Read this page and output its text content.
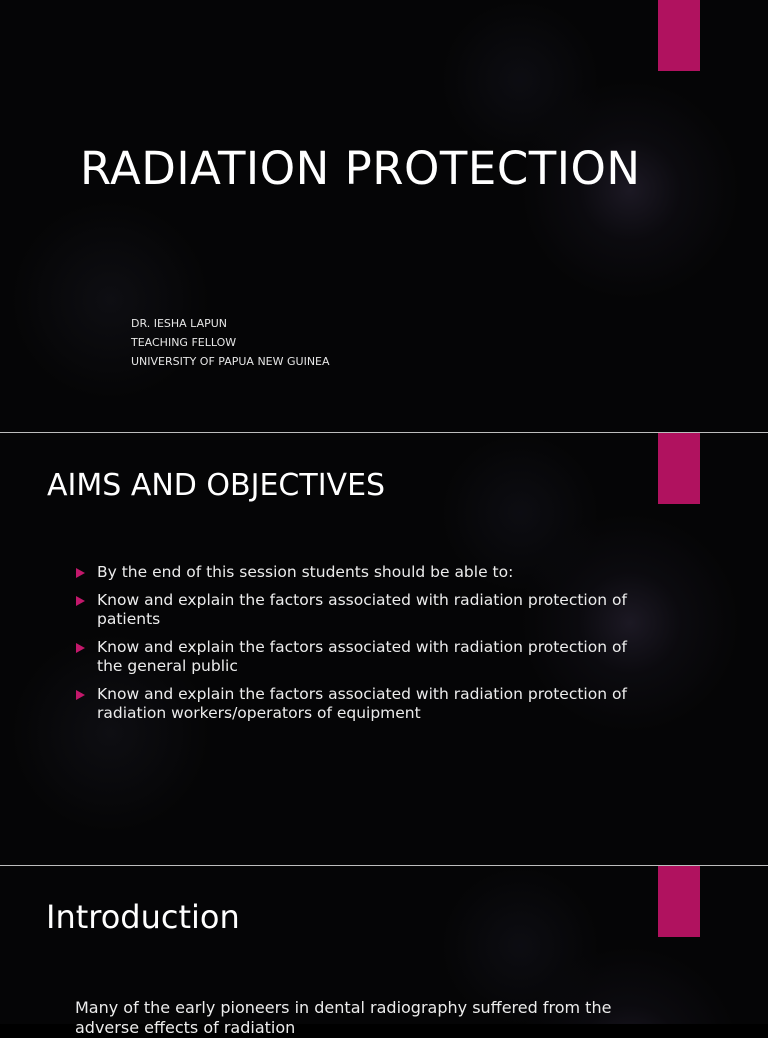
RADIATION PROTECTION
DR. IESHA LAPUN
TEACHING FELLOW
UNIVERSITY OF PAPUA NEW GUINEA
AIMS AND OBJECTIVES
By the end of this session students should be able to:
Know and explain the factors associated with radiation protection of patients
Know and explain the factors associated with radiation protection of the general public
Know and explain the factors associated with radiation protection of radiation workers/operators of equipment
Introduction
Many of the early pioneers in dental radiography suffered from the adverse effects of radiation
